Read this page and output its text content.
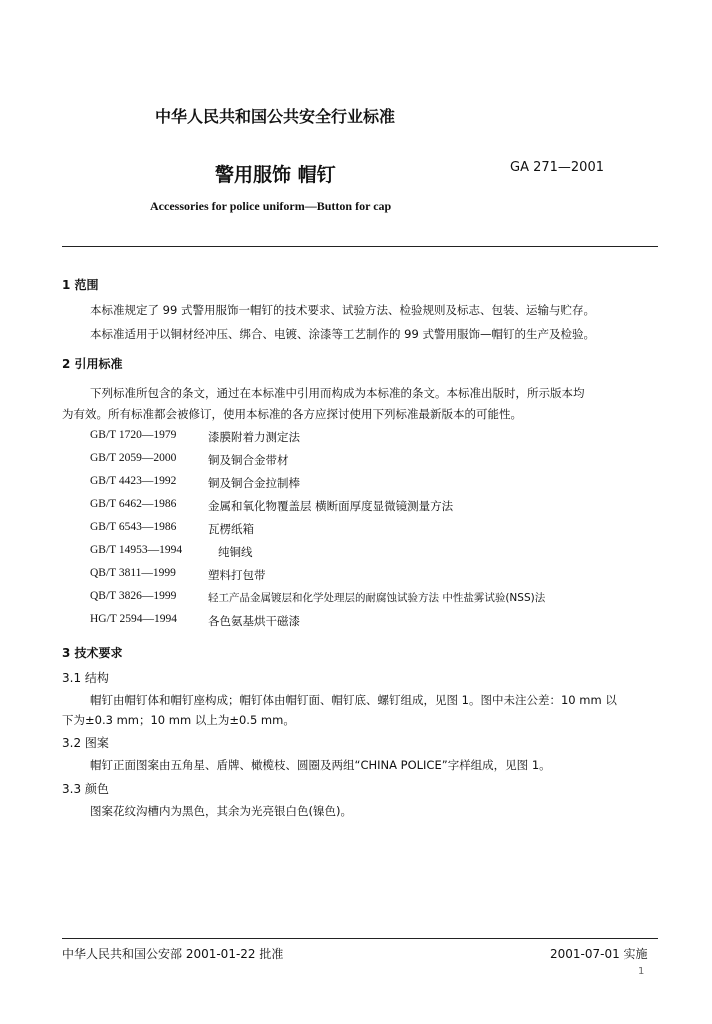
中华人民共和国公共安全行业标准
警用服饰 帽钉	GA 271—2001
Accessories for police uniform—Button for cap
1 范围
本标准规定了 99 式警用服饰一帽钉的技术要求、试验方法、检验规则及标志、包装、运输与贮存。
本标准适用于以铜材经冲压、绑合、电镀、涂漆等工艺制作的 99 式警用服饰—帽钉的生产及检验。
2 引用标准
下列标准所包含的条文，通过在本标准中引用而构成为本标准的条文。本标准出版时，所示版本均
为有效。所有标准都会被修订，使用本标准的各方应探讨使用下列标准最新版本的可能性。
GB/T 1720—1979	漆膜附着力测定法
GB/T 2059—2000	铜及铜合金带材
GB/T 4423—1992	铜及铜合金拉制棒
GB/T 6462—1986	金属和氧化物覆盖层 横断面厚度显微镜测量方法
GB/T 6543—1986	瓦楞纸箱
GB/T 14953—1994	纯铜线
QB/T 3811—1999	塑料打包带
QB/T 3826—1999	轻工产品金属镀层和化学处理层的耐腐蚀试验方法 中性盐雾试验(NSS)法
HG/T 2594—1994	各色氨基烘干磁漆
3 技术要求
3.1 结构
帽钉由帽钉体和帽钉座构成；帽钉体由帽钉面、帽钉底、螺钉组成，见图 1。图中未注公差：10 mm 以
下为±0.3 mm；10 mm 以上为±0.5 mm。
3.2 图案
帽钉正面图案由五角星、盾牌、橄榄枝、圆圈及两组“CHINA POLICE”字样组成，见图 1。
3.3 颜色
图案花纹沟槽内为黑色，其余为光亮银白色(镍色)。
中华人民共和国公安部 2001-01-22 批准	2001-07-01 实施
1
